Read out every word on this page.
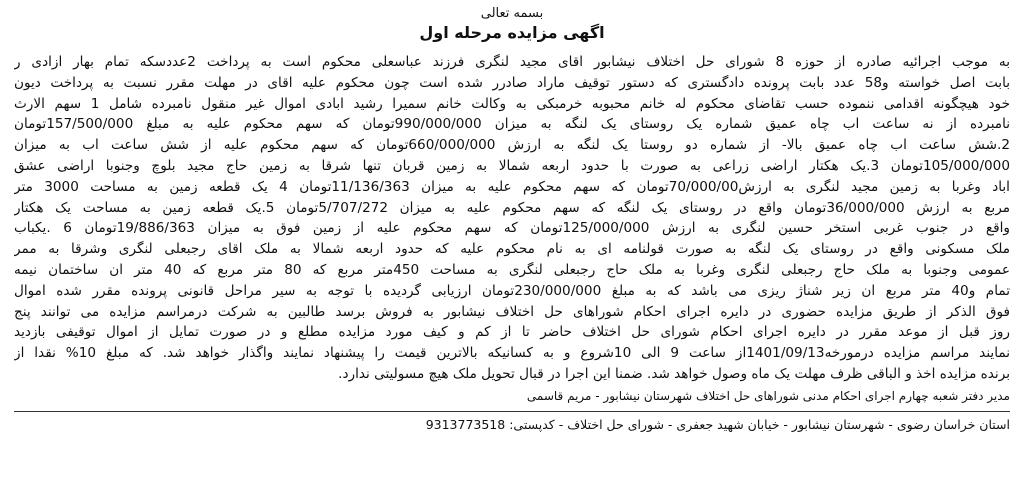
بسمه تعالی
اگهی مزایده مرحله اول
به موجب اجرائیه صادره از حوزه 8 شورای حل اختلاف نیشابور اقای مجید لنگری فرزند عباسعلی محکوم است به پرداخت 2عددسکه تمام بهار ازادی ر
بابت اصل خواسته و58 عدد بابت پرونده دادگستری که دستور توقیف ماراد صادرر شده است چون محکوم علیه اقای در مهلت مقرر نسبت به پرداخت دیون
خود هیچگونه اقدامی ننموده حسب تقاضای محکوم له خانم محبوبه خرمبکی به وکالت خانم سمیرا رشید ابادی اموال غیر منقول نامبرده شامل 1 سهم الارث
نامبرده از نه ساعت اب چاه عمیق شماره یک روستای یک لنگه به میزان 990/000/000تومان که سهم محکوم علیه به مبلغ 157/500/000تومان
2.شش ساعت اب چاه عمیق بالا- از شماره دو روستا یک لنگه به ارزش 660/000/000تومان که سهم محکوم علیه از شش ساعت اب به میزان
105/000/000تومان 3.یک هکتار اراضی زراعی به صورت با حدود اربعه شمالا به زمین قربان تنها شرقا به زمین حاج مجید بلوچ وجنوبا اراضی عشق
اباد وغربا به زمین مجید لنگری به ارزش70/000/00تومان که سهم محکوم علیه به میزان 11/136/363تومان 4 یک قطعه زمین به مساحت 3000 متر
مربع به ارزش 36/000/000تومان واقع در روستای یک لنگه که سهم محکوم علیه به میزان 5/707/272تومان 5.یک قطعه زمین به مساحت یک هکتار
واقع در جنوب غربی استخر حسین لنگری به ارزش 125/000/000تومان که سهم محکوم علیه از زمین فوق به میزان 19/886/363تومان 6 .یکباب
ملک مسکونی واقع در روستای یک لنگه به صورت قولنامه ای به نام محکوم علیه که حدود اربعه شمالا به ملک اقای رجبعلی لنگری وشرقا به ممر
عمومی وجنوبا به ملک حاج رجبعلی لنگری وغربا به ملک حاج رجبعلی لنگری به مساحت 450متر مربع که 80 متر مربع که 40 متر ان ساختمان نیمه
تمام و40 متر مربع ان زیر شناژ ریزی می باشد که به مبلغ 230/000/000تومان ارزیابی گردیده با توجه به سیر مراحل قانونی پرونده مقرر شده اموال
فوق الذکر از طریق مزایده حضوری در دایره اجرای احکام شوراهای حل اختلاف نیشابور به فروش برسد طالبین به شرکت درمراسم مزایده می توانند پنج
روز قبل از موعد مقرر در دایره اجرای احکام شورای حل اختلاف حاضر تا از کم و کیف مورد مزایده مطلع و در صورت تمایل از اموال توقیفی بازدید
نمایند مراسم مزایده درمورخه1401/09/13از ساعت 9 الی 10شروع و به کسانیکه بالاترین قیمت را پیشنهاد نمایند واگذار خواهد شد. که مبلغ 10% نقدا از
برنده مزایده اخذ و الباقی ظرف مهلت یک ماه وصول خواهد شد. ضمنا این اجرا در قبال تحویل ملک هیچ مسولیتی ندارد.
مدیر دفتر شعبه چهارم اجرای احکام مدنی شوراهای حل اختلاف شهرستان نیشابور - مریم قاسمی
استان خراسان رضوی - شهرستان نیشابور - خیابان شهید جعفری - شورای حل اختلاف - کدپستی: 9313773518
